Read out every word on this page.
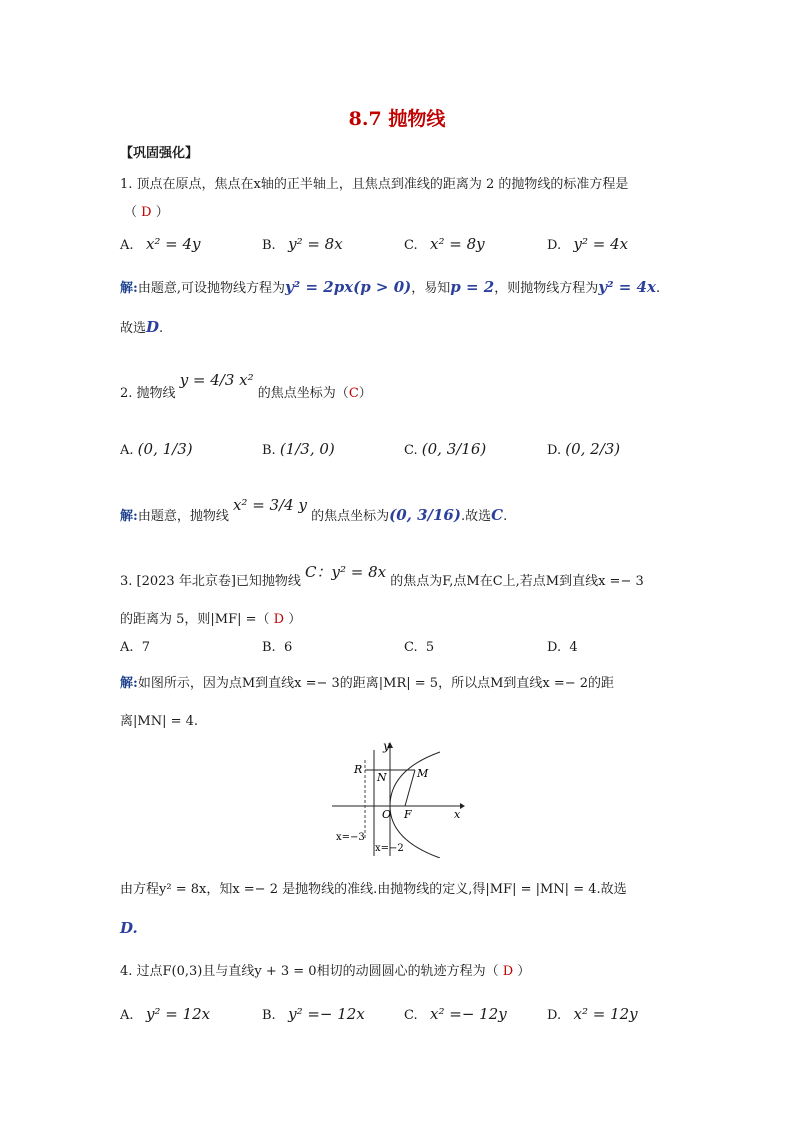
8.7 抛物线
【巩固强化】
1. 顶点在原点，焦点在x轴的正半轴上，且焦点到准线的距离为 2 的抛物线的标准方程是
（ D ）
A. x² = 4y	B. y² = 8x	C. x² = 8y	D. y² = 4x
解:由题意,可设抛物线方程为y² = 2px(p > 0)，易知p = 2，则抛物线方程为y² = 4x.
故选D.
2. 抛物线 y = 4/3 x² 的焦点坐标为（C）
A. (0, 1/3)	B. (1/3, 0)	C. (0, 3/16)	D. (0, 2/3)
解:由题意，抛物线 x² = 3/4 y 的焦点坐标为(0, 3/16).故选C.
3. [2023 年北京卷]已知抛物线 C：y² = 8x 的焦点为F,点M在C上,若点M到直线x =− 3
的距离为 5，则|MF| =（ D ）
A. 7	B. 6	C. 5	D. 4
解:如图所示，因为点M到直线x =− 3的距离|MR| = 5，所以点M到直线x =− 2的距
离|MN| = 4.
y
x
R
N	M
O F
x=−3
x=−2
由方程y² = 8x，知x =− 2 是抛物线的准线.由抛物线的定义,得|MF| = |MN| = 4.故选
D.
4. 过点F(0,3)且与直线y + 3 = 0相切的动圆圆心的轨迹方程为（ D ）
A. y² = 12x	B. y² =− 12x	C. x² =− 12y	D. x² = 12y
